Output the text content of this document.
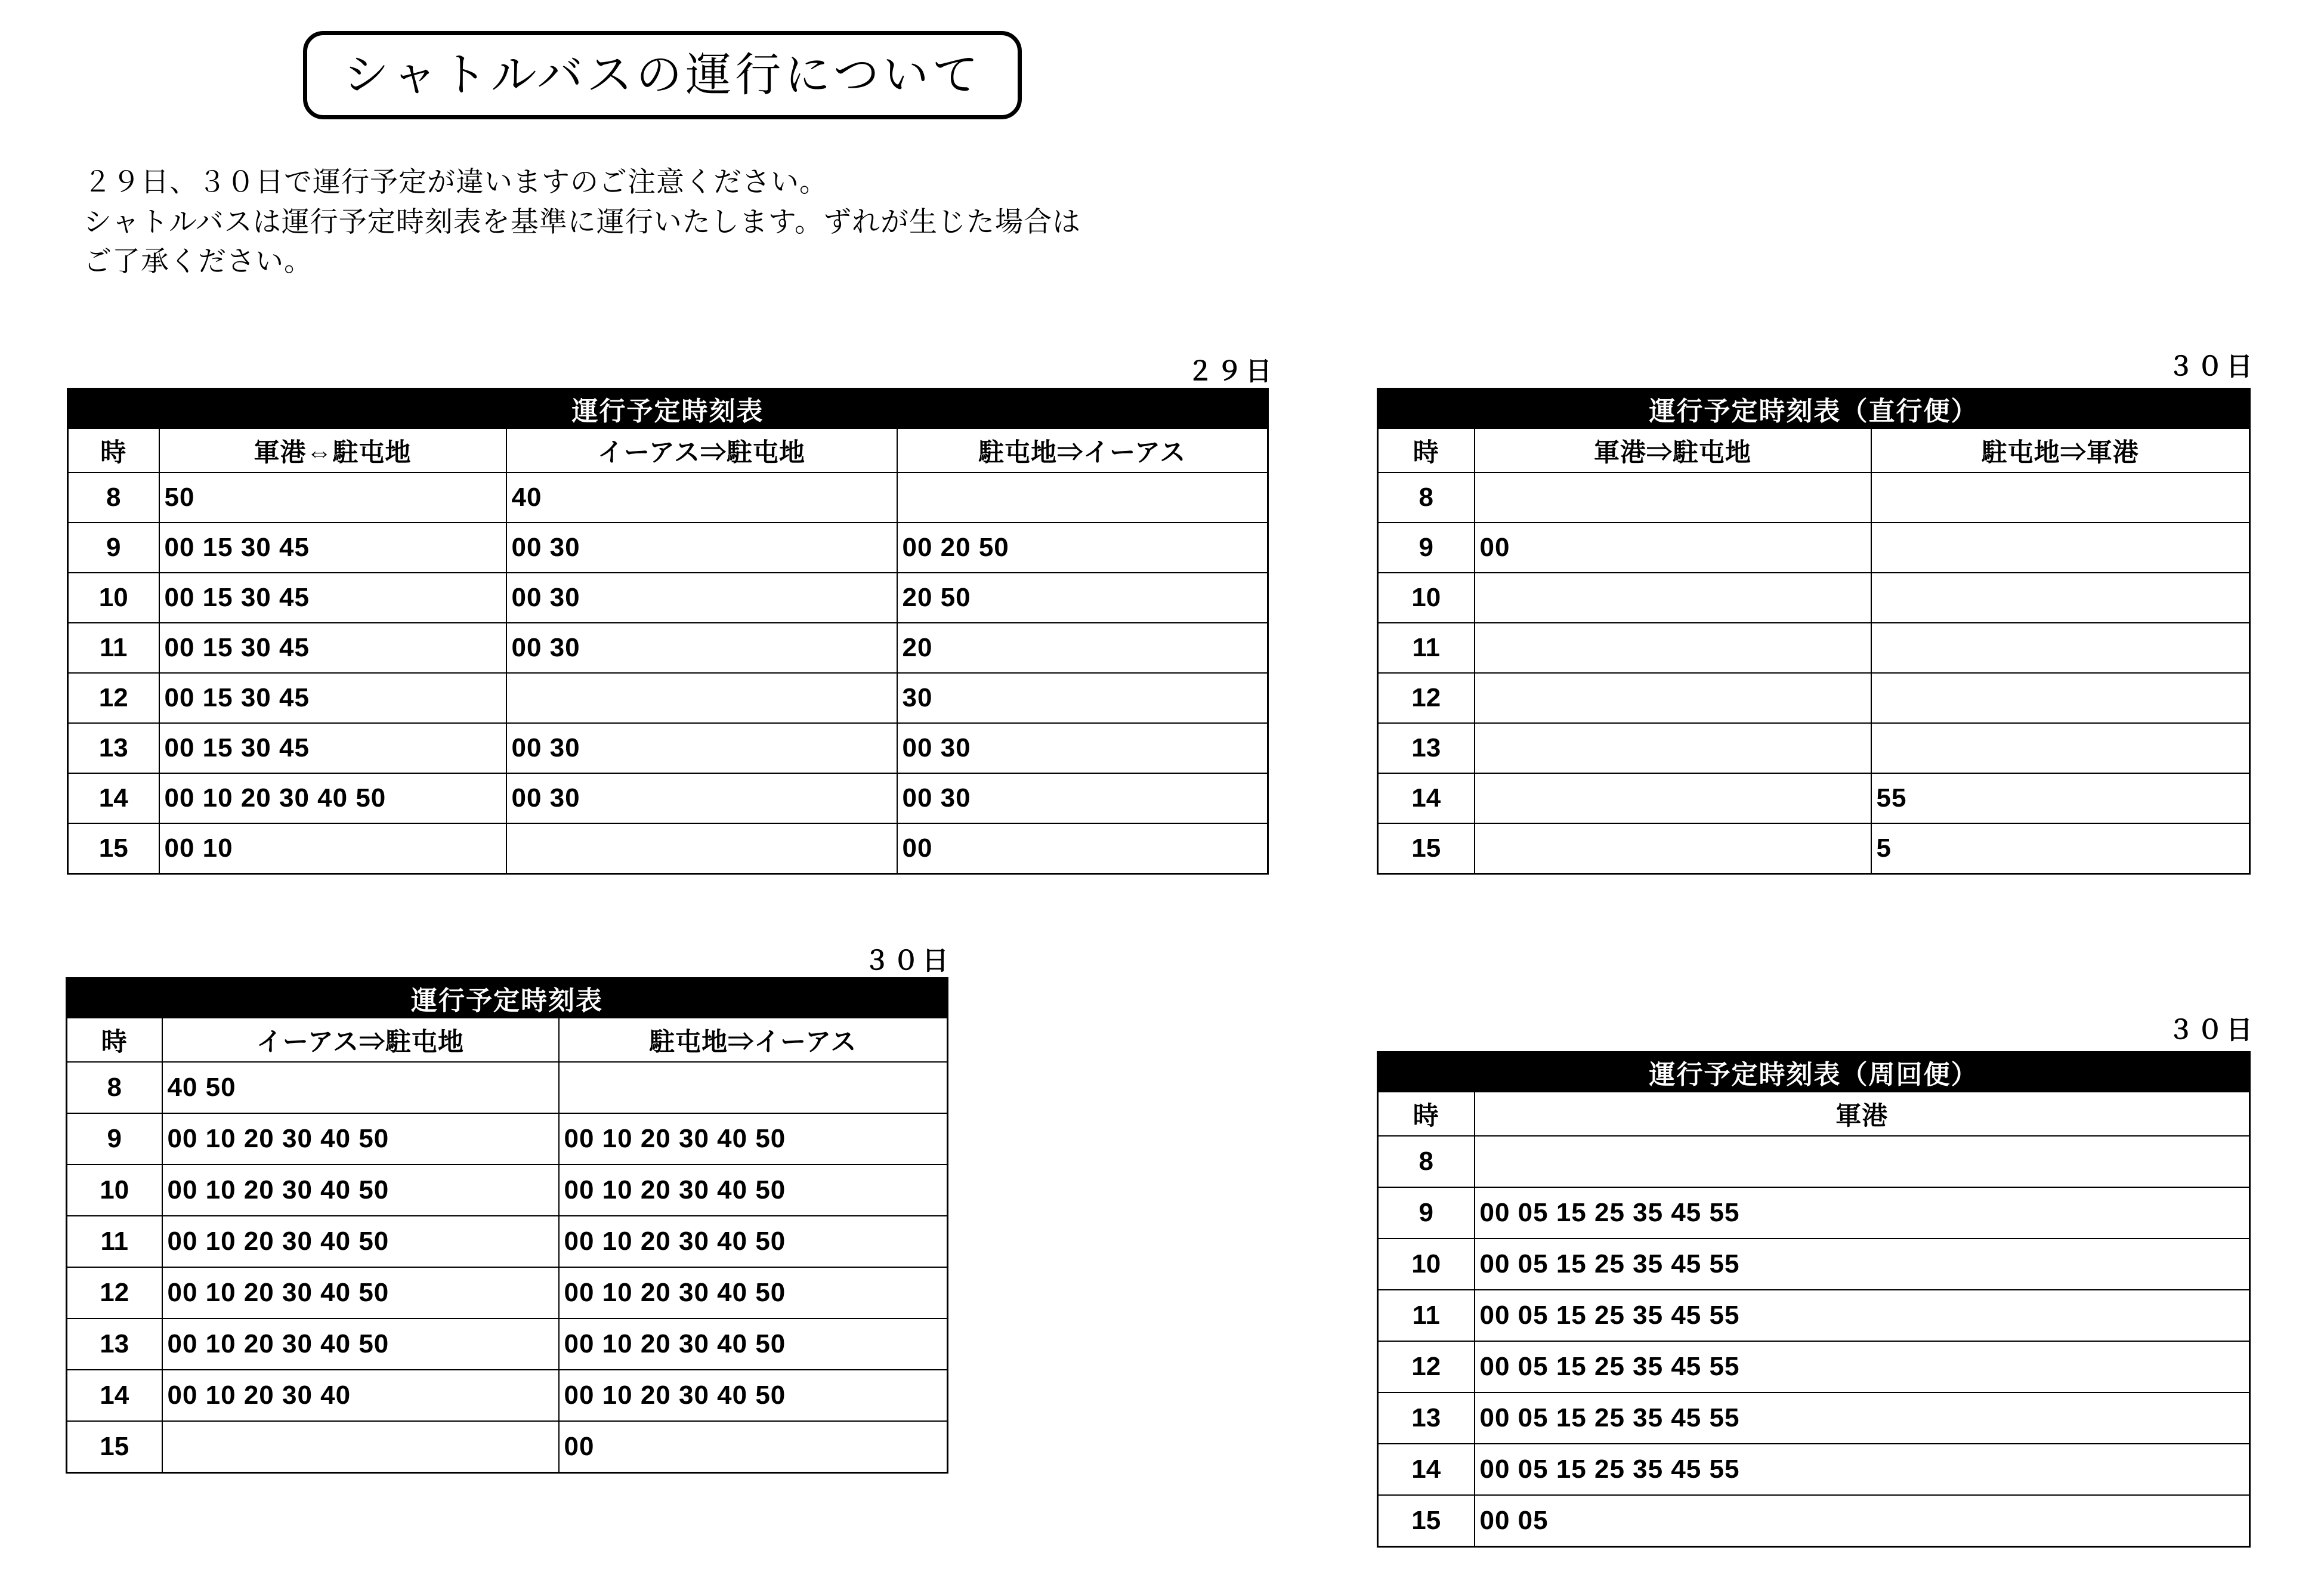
シャトルバスの運行について

２９日、３０日で運行予定が違いますのご注意ください。

シャトルバスは運行予定時刻表を基準に運行いたします。ずれが生じた場合は

ご了承ください。

２９日	３０日
３０日
３０日
運行予定時刻表			
時	軍港⇔駐屯地	イーアス⇒駐屯地	駐屯地⇒イーアス
8	50	40	
9	00 15 30 45	00 30	00 20 50
10	00 15 30 45	00 30	20 50
11	00 15 30 45	00 30	20
12	00 15 30 45		30
13	00 15 30 45	00 30	00 30
14	00 10 20 30 40 50	00 30	00 30
15	00 10		00
運行予定時刻表（直行便）		
時	軍港⇒駐屯地	駐屯地⇒軍港
8		
9	00	
10		
11		
12		
13		
14		55
15		5
運行予定時刻表		
時	イーアス⇒駐屯地	駐屯地⇒イーアス
8	40 50	
9	00 10 20 30 40 50	00 10 20 30 40 50
10	00 10 20 30 40 50	00 10 20 30 40 50
11	00 10 20 30 40 50	00 10 20 30 40 50
12	00 10 20 30 40 50	00 10 20 30 40 50
13	00 10 20 30 40 50	00 10 20 30 40 50
14	00 10 20 30 40	00 10 20 30 40 50
15		00
運行予定時刻表（周回便）	
時	軍港
8	
9	00 05 15 25 35 45 55
10	00 05 15 25 35 45 55
11	00 05 15 25 35 45 55
12	00 05 15 25 35 45 55
13	00 05 15 25 35 45 55
14	00 05 15 25 35 45 55
15	00 05
